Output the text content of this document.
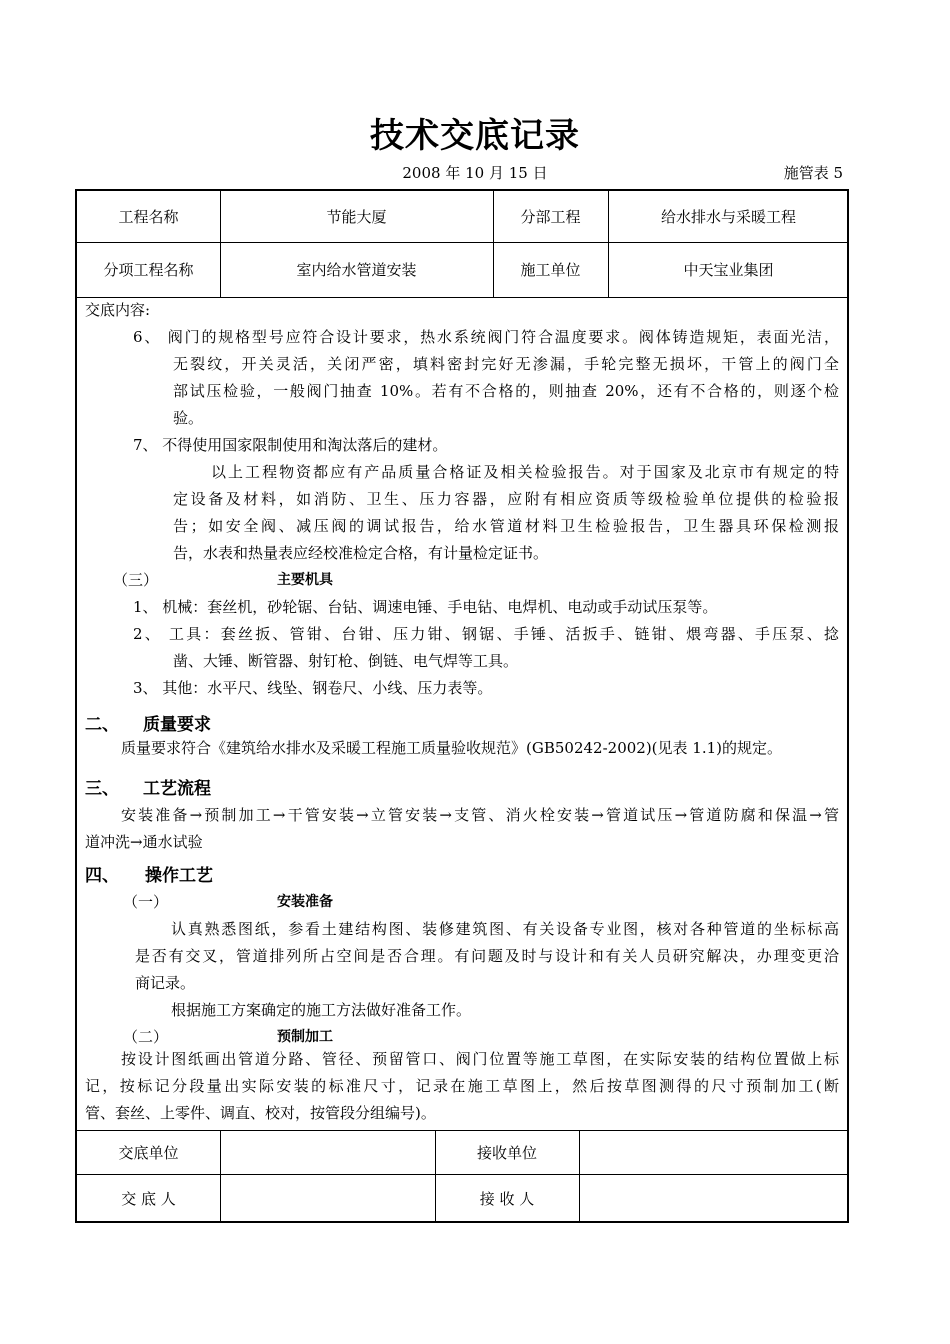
技术交底记录
2008 年 10 月 15 日	施管表 5
工程名称	节能大厦	分部工程	给水排水与采暖工程
分项工程名称	室内给水管道安装	施工单位	中天宝业集团
交底内容:
6、 阀门的规格型号应符合设计要求，热水系统阀门符合温度要求。阀体铸造规矩，表面光洁，
无裂纹，开关灵活，关闭严密，填料密封完好无渗漏，手轮完整无损坏，干管上的阀门全
部试压检验，一般阀门抽查 10%。若有不合格的，则抽查 20%，还有不合格的，则逐个检
验。
7、 不得使用国家限制使用和淘汰落后的建材。
以上工程物资都应有产品质量合格证及相关检验报告。对于国家及北京市有规定的特
定设备及材料，如消防、卫生、压力容器，应附有相应资质等级检验单位提供的检验报
告；如安全阀、减压阀的调试报告，给水管道材料卫生检验报告，卫生器具环保检测报
告，水表和热量表应经校准检定合格，有计量检定证书。
（三）	主要机具
1、 机械：套丝机，砂轮锯、台钻、调速电锤、手电钻、电焊机、电动或手动试压泵等。
2、 工具：套丝扳、管钳、台钳、压力钳、钢锯、手锤、活扳手、链钳、煨弯器、手压泵、捻
凿、大锤、断管器、射钉枪、倒链、电气焊等工具。
3、 其他：水平尺、线坠、钢卷尺、小线、压力表等。
二、 质量要求
质量要求符合《建筑给水排水及采暖工程施工质量验收规范》(GB50242-2002)(见表 1.1)的规定。
三、 工艺流程
安装准备→预制加工→干管安装→立管安装→支管、消火栓安装→管道试压→管道防腐和保温→管
道冲洗→通水试验
四、 操作工艺
（一）	安装准备
认真熟悉图纸，参看土建结构图、装修建筑图、有关设备专业图，核对各种管道的坐标标高
是否有交叉，管道排列所占空间是否合理。有问题及时与设计和有关人员研究解决，办理变更洽
商记录。
根据施工方案确定的施工方法做好准备工作。
（二）	预制加工
按设计图纸画出管道分路、管径、预留管口、阀门位置等施工草图，在实际安装的结构位置做上标
记，按标记分段量出实际安装的标准尺寸，记录在施工草图上，然后按草图测得的尺寸预制加工(断
管、套丝、上零件、调直、校对，按管段分组编号)。
交底单位	接收单位
交 底 人	接 收 人
